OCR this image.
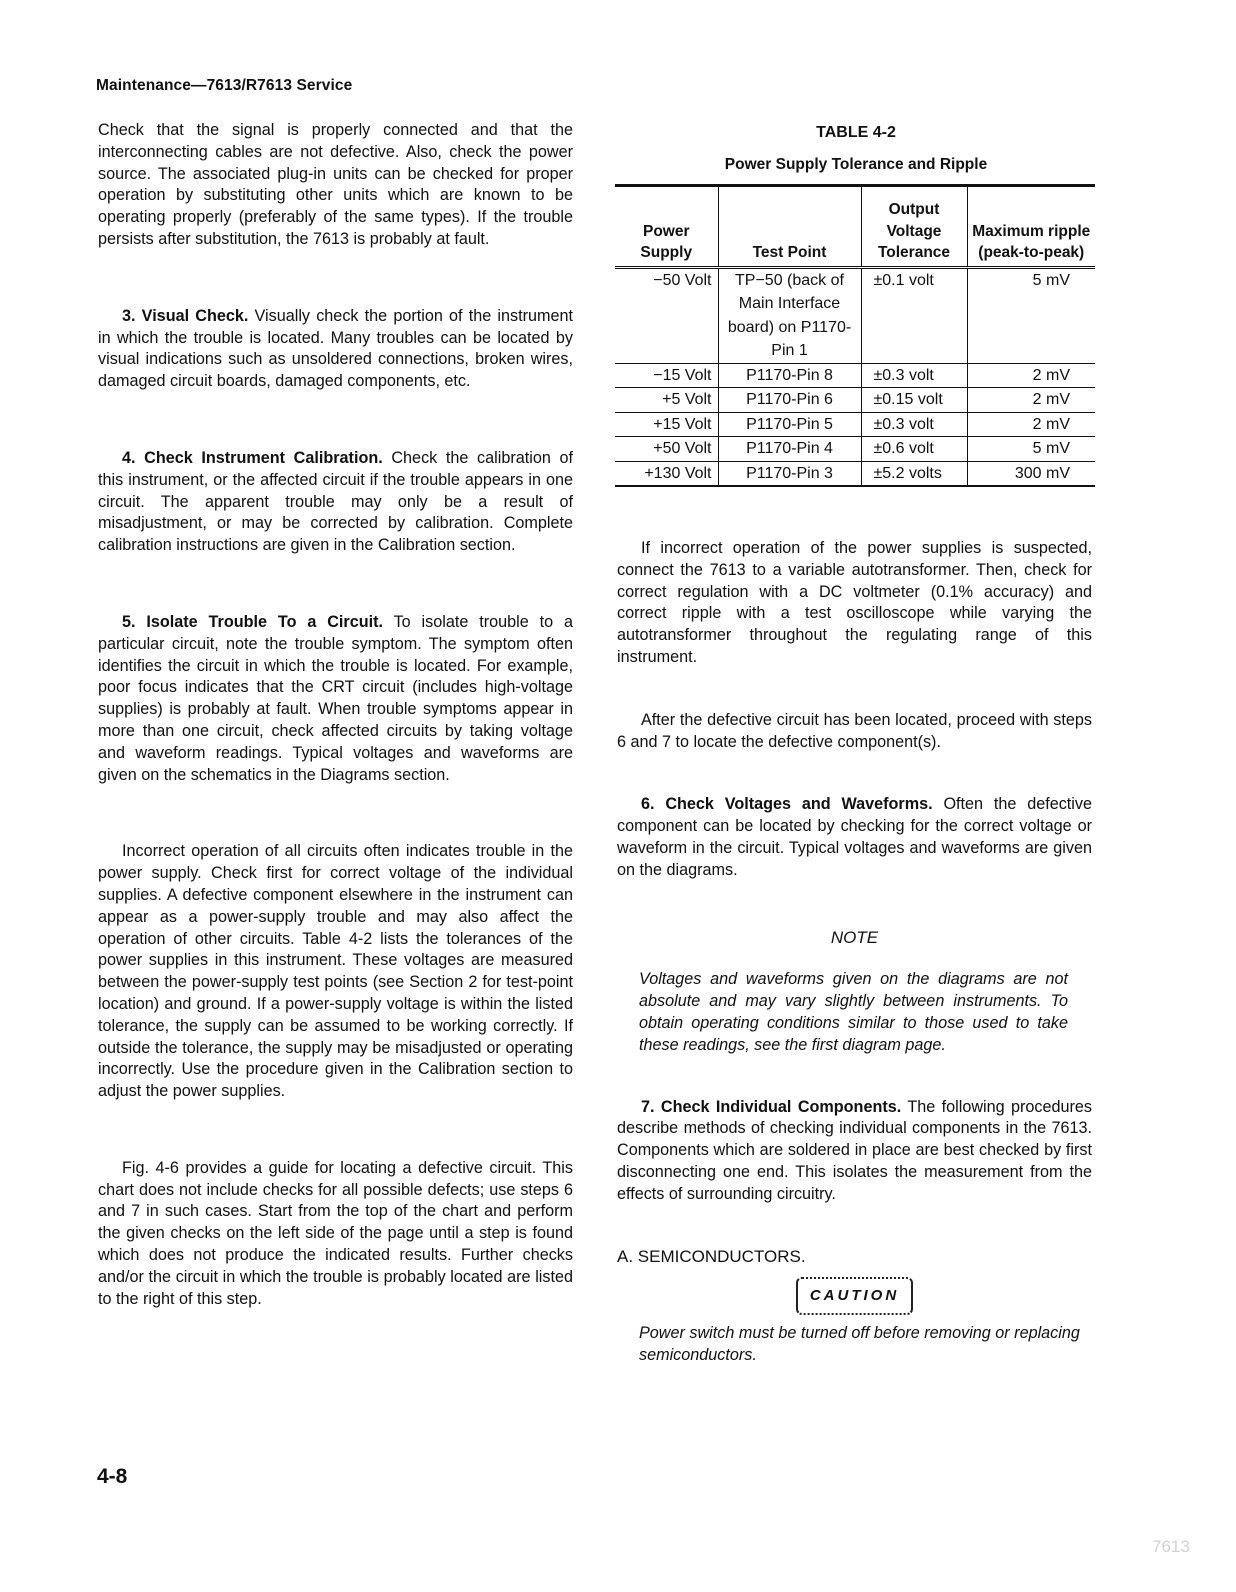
Maintenance—7613/R7613 Service

Check that the signal is properly connected and that the interconnecting cables are not defective. Also, check the power source. The associated plug-in units can be checked for proper operation by substituting other units which are known to be operating properly (preferably of the same types). If the trouble persists after substitution, the 7613 is probably at fault.

3. Visual Check. Visually check the portion of the instrument in which the trouble is located. Many troubles can be located by visual indications such as unsoldered connections, broken wires, damaged circuit boards, damaged components, etc.

4. Check Instrument Calibration. Check the calibration of this instrument, or the affected circuit if the trouble appears in one circuit. The apparent trouble may only be a result of misadjustment, or may be corrected by calibration. Complete calibration instructions are given in the Calibration section.

5. Isolate Trouble To a Circuit. To isolate trouble to a particular circuit, note the trouble symptom. The symptom often identifies the circuit in which the trouble is located. For example, poor focus indicates that the CRT circuit (includes high-voltage supplies) is probably at fault. When trouble symptoms appear in more than one circuit, check affected circuits by taking voltage and waveform readings. Typical voltages and waveforms are given on the schematics in the Diagrams section.

Incorrect operation of all circuits often indicates trouble in the power supply. Check first for correct voltage of the individual supplies. A defective component elsewhere in the instrument can appear as a power-supply trouble and may also affect the operation of other circuits. Table 4-2 lists the tolerances of the power supplies in this instrument. These voltages are measured between the power-supply test points (see Section 2 for test-point location) and ground. If a power-supply voltage is within the listed tolerance, the supply can be assumed to be working correctly. If outside the tolerance, the supply may be misadjusted or operating incorrectly. Use the procedure given in the Calibration section to adjust the power supplies.

Fig. 4-6 provides a guide for locating a defective circuit. This chart does not include checks for all possible defects; use steps 6 and 7 in such cases. Start from the top of the chart and perform the given checks on the left side of the page until a step is found which does not produce the indicated results. Further checks and/or the circuit in which the trouble is probably located are listed to the right of this step.

TABLE 4-2
Power Supply Tolerance and Ripple
Power Supply	Test Point	Output Voltage Tolerance	Maximum ripple (peak-to-peak)
−50 Volt	TP−50 (back of Main Interface board) on P1170-Pin 1	±0.1 volt	5 mV
−15 Volt	P1170-Pin 8	±0.3 volt	2 mV
+5 Volt	P1170-Pin 6	±0.15 volt	2 mV
+15 Volt	P1170-Pin 5	±0.3 volt	2 mV
+50 Volt	P1170-Pin 4	±0.6 volt	5 mV
+130 Volt	P1170-Pin 3	±5.2 volts	300 mV

If incorrect operation of the power supplies is suspected, connect the 7613 to a variable autotransformer. Then, check for correct regulation with a DC voltmeter (0.1% accuracy) and correct ripple with a test oscilloscope while varying the autotransformer throughout the regulating range of this instrument.

After the defective circuit has been located, proceed with steps 6 and 7 to locate the defective component(s).

6. Check Voltages and Waveforms. Often the defective component can be located by checking for the correct voltage or waveform in the circuit. Typical voltages and waveforms are given on the diagrams.

NOTE

Voltages and waveforms given on the diagrams are not absolute and may vary slightly between instruments. To obtain operating conditions similar to those used to take these readings, see the first diagram page.

7. Check Individual Components. The following procedures describe methods of checking individual components in the 7613. Components which are soldered in place are best checked by first disconnecting one end. This isolates the measurement from the effects of surrounding circuitry.

A. SEMICONDUCTORS.

CAUTION

Power switch must be turned off before removing or replacing semiconductors.

4-8
7613
